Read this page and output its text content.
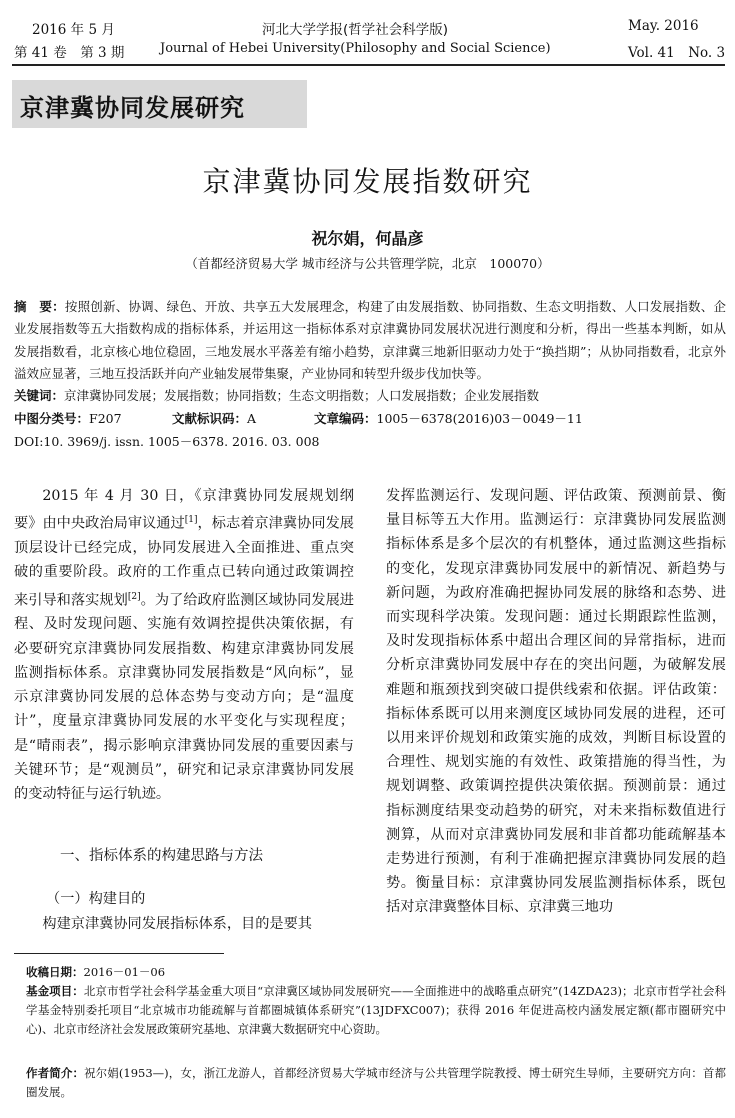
2016 年 5 月	河北大学学报(哲学社会科学版)	May. 2016
第 41 卷　第 3 期	Journal of Hebei University(Philosophy and Social Science)	Vol. 41　No. 3
京津冀协同发展研究
京津冀协同发展指数研究
祝尔娟，何晶彦
（首都经济贸易大学 城市经济与公共管理学院，北京　100070）
摘　要：按照创新、协调、绿色、开放、共享五大发展理念，构建了由发展指数、协同指数、生态文明指数、人口发展指数、企业发展指数等五大指数构成的指标体系，并运用这一指标体系对京津冀协同发展状况进行测度和分析，得出一些基本判断，如从发展指数看，北京核心地位稳固，三地发展水平落差有缩小趋势，京津冀三地新旧驱动力处于“换挡期”；从协同指数看，北京外溢效应显著，三地互投活跃并向产业轴发展带集聚，产业协同和转型升级步伐加快等。
关键词：京津冀协同发展；发展指数；协同指数；生态文明指数；人口发展指数；企业发展指数
中图分类号：F207	文献标识码：A	文章编码：1005－6378(2016)03－0049－11
DOI:10. 3969/j. issn. 1005－6378. 2016. 03. 008

2015 年 4 月 30 日，《京津冀协同发展规划纲要》由中央政治局审议通过[1]，标志着京津冀协同发展顶层设计已经完成，协同发展进入全面推进、重点突破的重要阶段。政府的工作重点已转向通过政策调控来引导和落实规划[2]。为了给政府监测区域协同发展进程、及时发现问题、实施有效调控提供决策依据，有必要研究京津冀协同发展指数、构建京津冀协同发展监测指标体系。京津冀协同发展指数是“风向标”，显示京津冀协同发展的总体态势与变动方向；是“温度计”，度量京津冀协同发展的水平变化与实现程度；是“晴雨表”，揭示影响京津冀协同发展的重要因素与关键环节；是“观测员”，研究和记录京津冀协同发展的变动特征与运行轨迹。

一、指标体系的构建思路与方法
（一）构建目的

构建京津冀协同发展指标体系，目的是要其

发挥监测运行、发现问题、评估政策、预测前景、衡量目标等五大作用。监测运行：京津冀协同发展监测指标体系是多个层次的有机整体，通过监测这些指标的变化，发现京津冀协同发展中的新情况、新趋势与新问题，为政府准确把握协同发展的脉络和态势、进而实现科学决策。发现问题：通过长期跟踪性监测，及时发现指标体系中超出合理区间的异常指标，进而分析京津冀协同发展中存在的突出问题，为破解发展难题和瓶颈找到突破口提供线索和依据。评估政策：指标体系既可以用来测度区域协同发展的进程，还可以用来评价规划和政策实施的成效，判断目标设置的合理性、规划实施的有效性、政策措施的得当性，为规划调整、政策调控提供决策依据。预测前景：通过指标测度结果变动趋势的研究，对未来指标数值进行测算，从而对京津冀协同发展和非首都功能疏解基本走势进行预测，有利于准确把握京津冀协同发展的趋势。衡量目标：京津冀协同发展监测指标体系，既包括对京津冀整体目标、京津冀三地功

收稿日期：2016－01－06
基金项目：北京市哲学社会科学基金重大项目“京津冀区域协同发展研究——全面推进中的战略重点研究”(14ZDA23)；北京市哲学社会科学基金特别委托项目“北京城市功能疏解与首都圈城镇体系研究”(13JDFXC007)；获得 2016 年促进高校内涵发展定额(都市圈研究中心)、北京市经济社会发展政策研究基地、京津冀大数据研究中心资助。
作者简介：祝尔娟(1953—)，女，浙江龙游人，首都经济贸易大学城市经济与公共管理学院教授、博士研究生导师，主要研究方向：首都圈发展。
